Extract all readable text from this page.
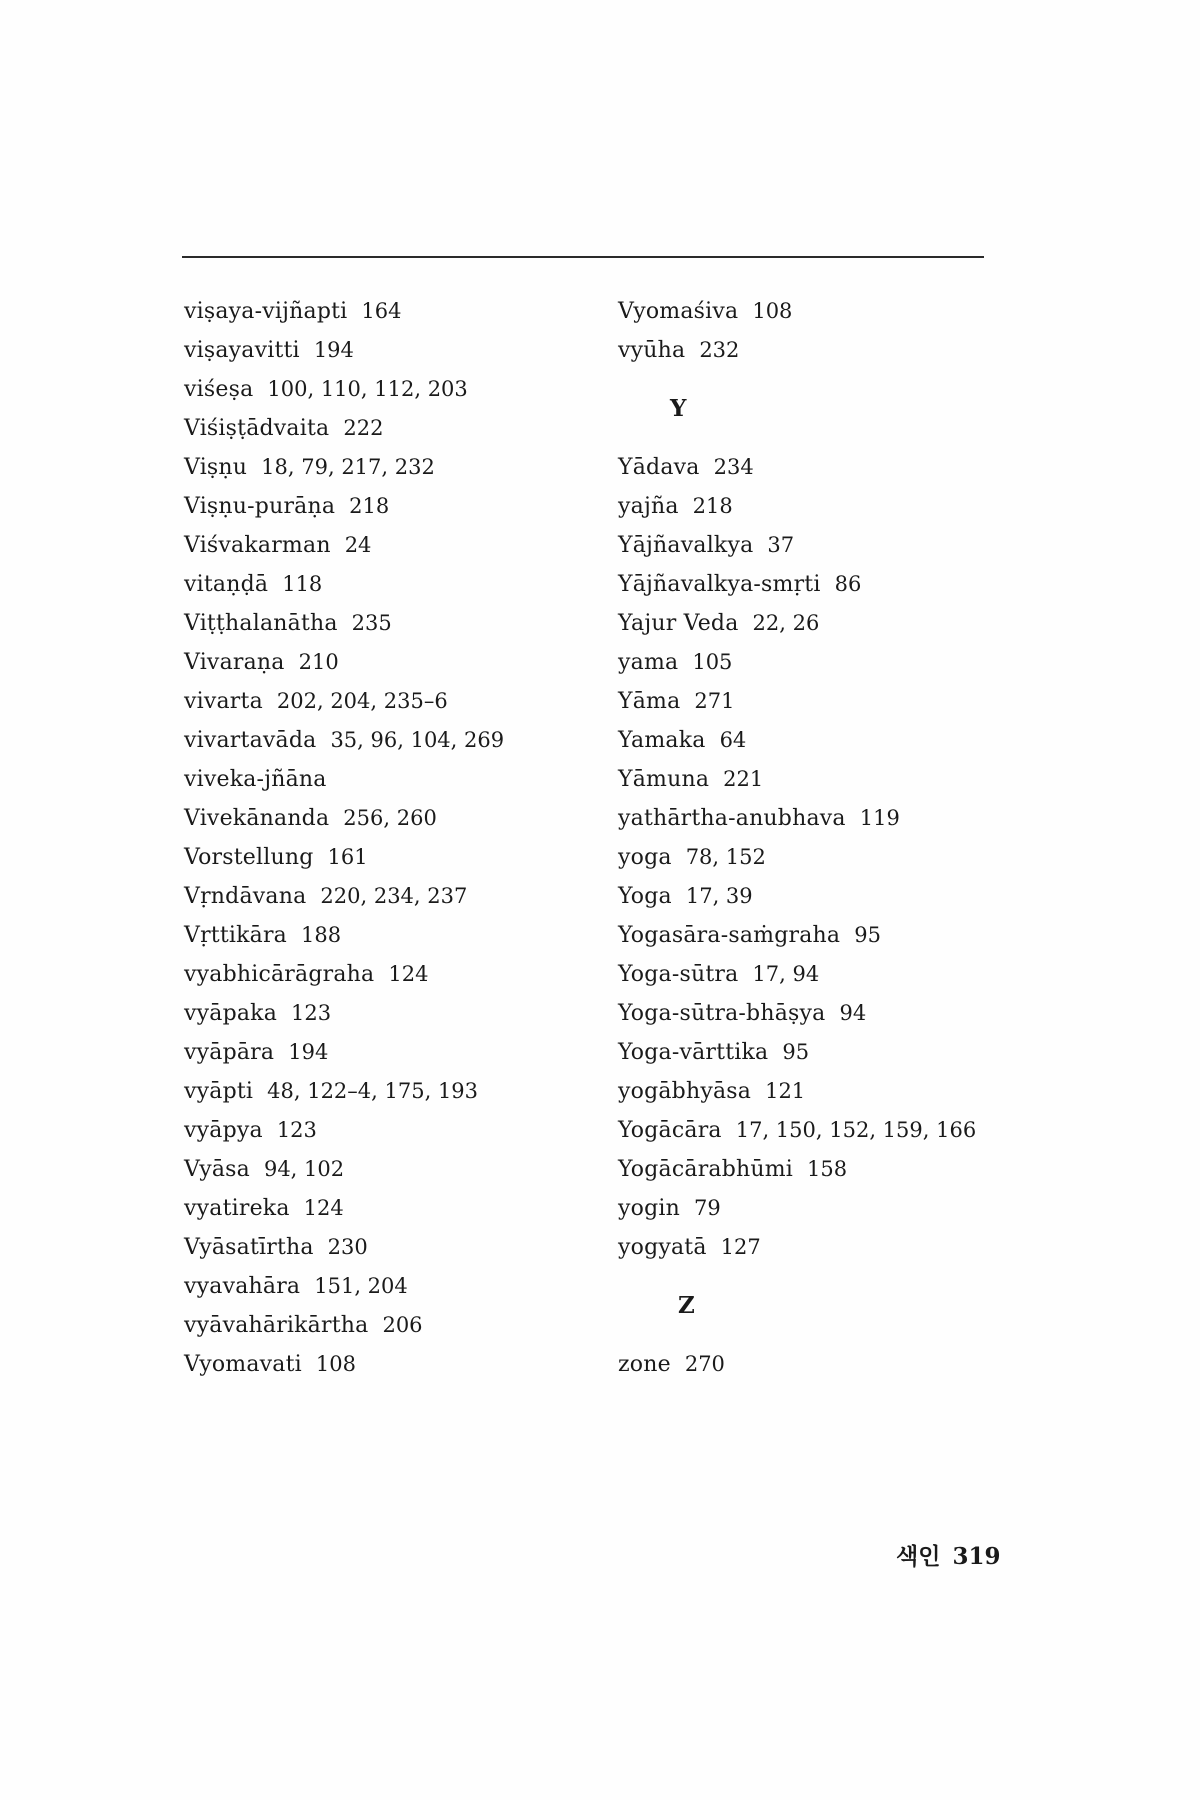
viṣaya-vijñapti 164
viṣayavitti 194
viśeṣa 100, 110, 112, 203
Viśiṣṭādvaita 222
Viṣṇu 18, 79, 217, 232
Viṣṇu-purāṇa 218
Viśvakarman 24
vitaṇḍā 118
Viṭṭhalanātha 235
Vivaraṇa 210
vivarta 202, 204, 235–6
vivartavāda 35, 96, 104, 269
viveka-jñāna
Vivekānanda 256, 260
Vorstellung 161
Vṛndāvana 220, 234, 237
Vṛttikāra 188
vyabhicārāgraha 124
vyāpaka 123
vyāpāra 194
vyāpti 48, 122–4, 175, 193
vyāpya 123
Vyāsa 94, 102
vyatireka 124
Vyāsatīrtha 230
vyavahāra 151, 204
vyāvahārikārtha 206
Vyomavati 108
Vyomaśiva 108
vyūha 232
Y
Yādava 234
yajña 218
Yājñavalkya 37
Yājñavalkya-smṛti 86
Yajur Veda 22, 26
yama 105
Yāma 271
Yamaka 64
Yāmuna 221
yathārtha-anubhava 119
yoga 78, 152
Yoga 17, 39
Yogasāra-saṁgraha 95
Yoga-sūtra 17, 94
Yoga-sūtra-bhāṣya 94
Yoga-vārttika 95
yogābhyāsa 121
Yogācāra 17, 150, 152, 159, 166
Yogācārabhūmi 158
yogin 79
yogyatā 127
Z
zone 270
색인 319
